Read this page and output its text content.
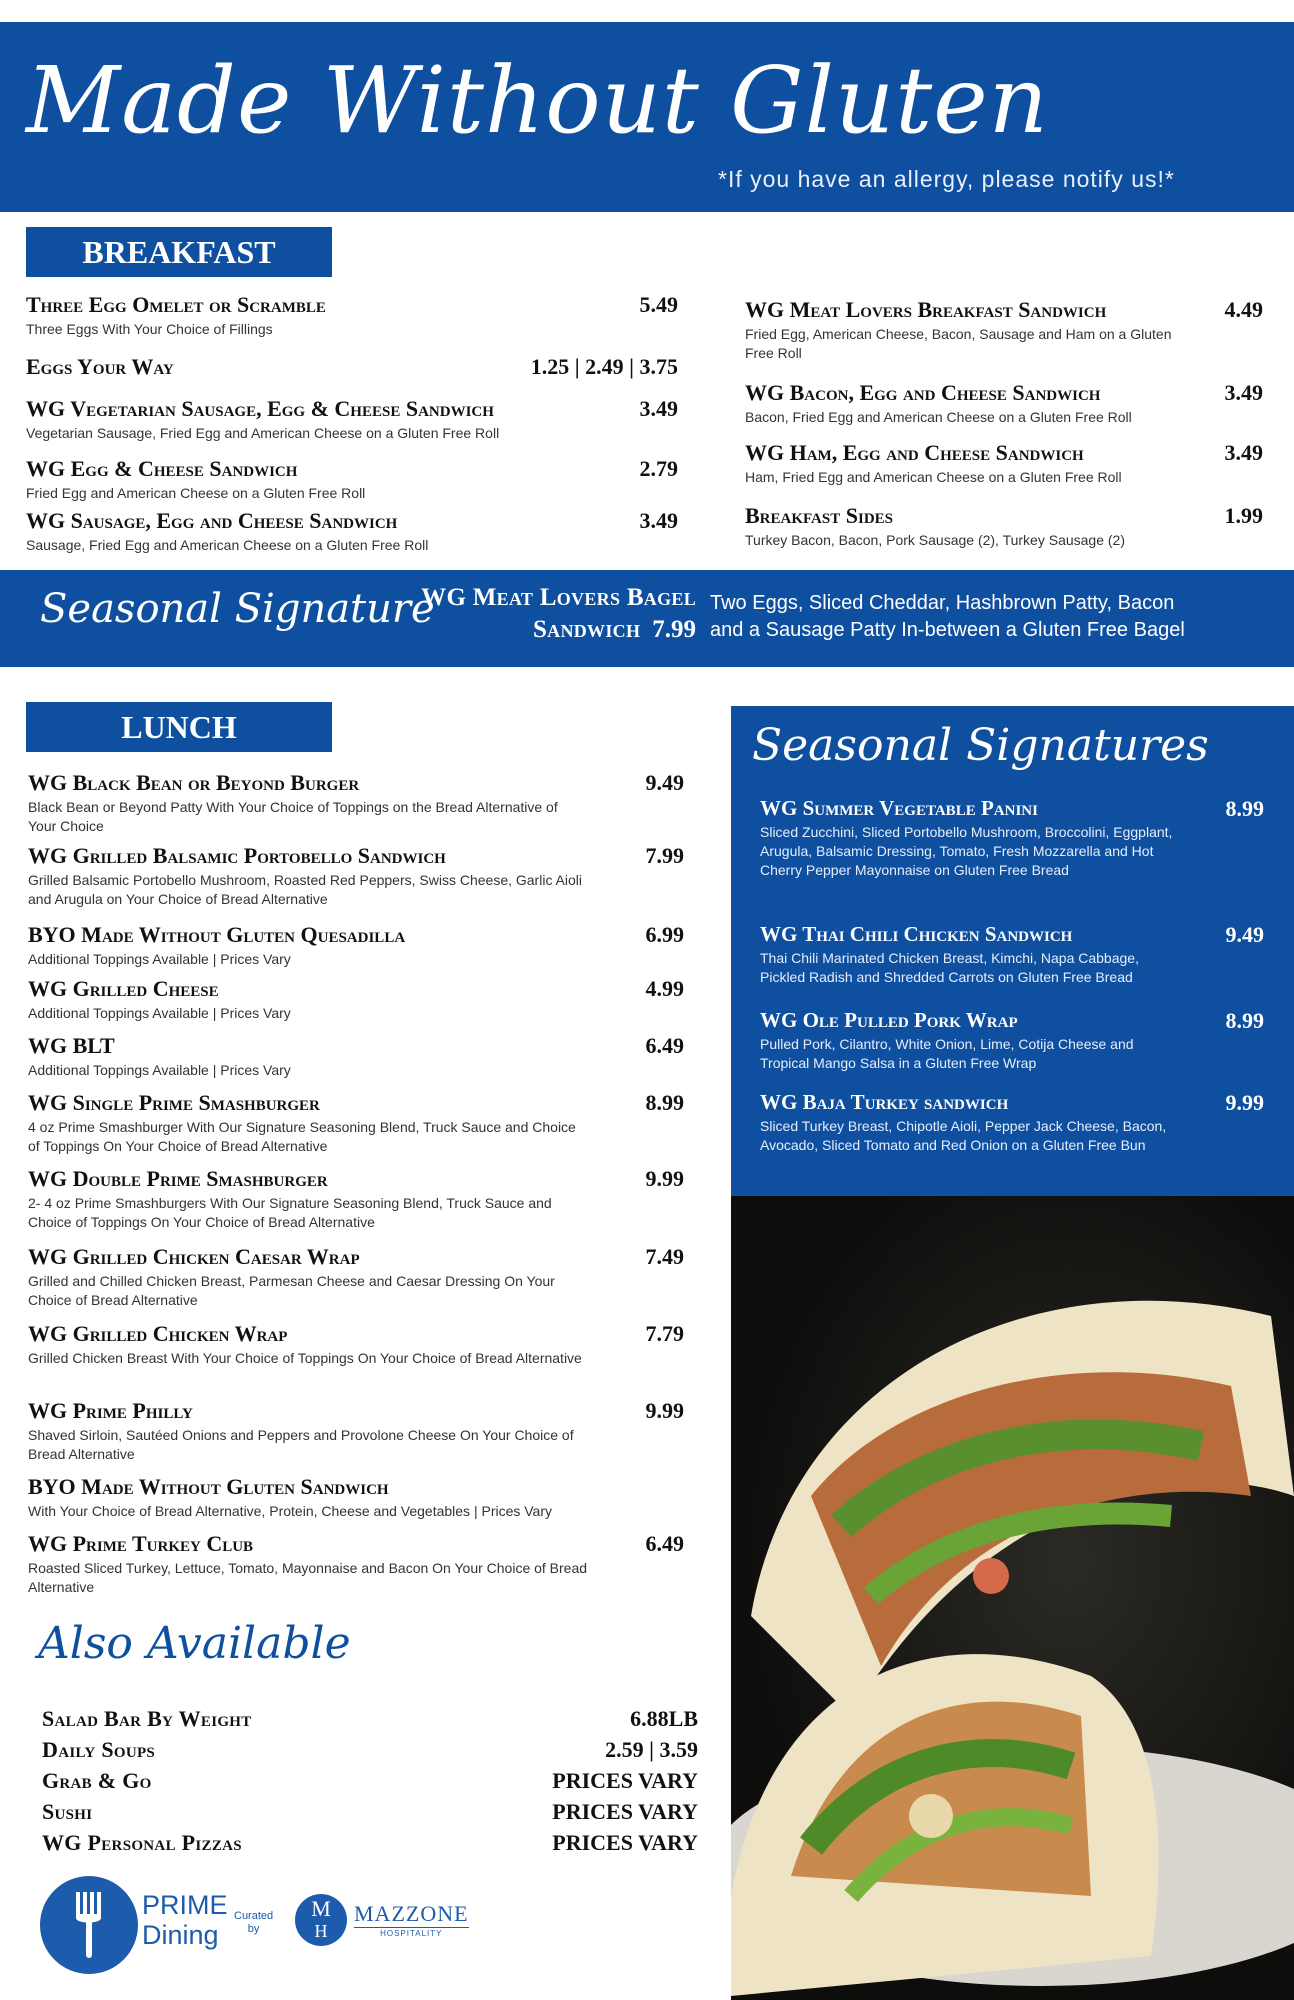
Made Without Gluten
*If you have an allergy, please notify us!*
BREAKFAST
Three Egg Omelet or Scramble
Three Eggs With Your Choice of Fillings
5.49
Eggs Your Way	1.25 | 2.49 | 3.75
WG Vegetarian Sausage, Egg & Cheese Sandwich
Vegetarian Sausage, Fried Egg and American Cheese on a Gluten Free Roll
3.49
WG Egg & Cheese Sandwich
Fried Egg and American Cheese on a Gluten Free Roll
2.79
WG Sausage, Egg and Cheese Sandwich
Sausage, Fried Egg and American Cheese on a Gluten Free Roll
3.49
WG Meat Lovers Breakfast Sandwich
Fried Egg, American Cheese, Bacon, Sausage and Ham on a Gluten Free Roll
4.49
WG Bacon, Egg and Cheese Sandwich
Bacon, Fried Egg and American Cheese on a Gluten Free Roll
3.49
WG Ham, Egg and Cheese Sandwich
Ham, Fried Egg and American Cheese on a Gluten Free Roll
3.49
Breakfast Sides
Turkey Bacon, Bacon, Pork Sausage (2), Turkey Sausage (2)
1.99
Seasonal Signature
WG Meat Lovers Bagel
Sandwich 7.99
Two Eggs, Sliced Cheddar, Hashbrown Patty, Bacon
and a Sausage Patty In-between a Gluten Free Bagel
LUNCH
WG Black Bean or Beyond Burger
Black Bean or Beyond Patty With Your Choice of Toppings on the Bread Alternative of Your Choice
9.49
WG Grilled Balsamic Portobello Sandwich
Grilled Balsamic Portobello Mushroom, Roasted Red Peppers, Swiss Cheese, Garlic Aioli and Arugula on Your Choice of Bread Alternative
7.99
BYO Made Without Gluten Quesadilla
Additional Toppings Available | Prices Vary
6.99
WG Grilled Cheese
Additional Toppings Available | Prices Vary
4.99
WG BLT
Additional Toppings Available | Prices Vary
6.49
WG Single Prime Smashburger
4 oz Prime Smashburger With Our Signature Seasoning Blend, Truck Sauce and Choice of Toppings On Your Choice of Bread Alternative
8.99
WG Double Prime Smashburger
2- 4 oz Prime Smashburgers With Our Signature Seasoning Blend, Truck Sauce and Choice of Toppings On Your Choice of Bread Alternative
9.99
WG Grilled Chicken Caesar Wrap
Grilled and Chilled Chicken Breast, Parmesan Cheese and Caesar Dressing On Your Choice of Bread Alternative
7.49
WG Grilled Chicken Wrap
Grilled Chicken Breast With Your Choice of Toppings On Your Choice of Bread Alternative
7.79
WG Prime Philly
Shaved Sirloin, Sautéed Onions and Peppers and Provolone Cheese On Your Choice of Bread Alternative
9.99
BYO Made Without Gluten Sandwich
With Your Choice of Bread Alternative, Protein, Cheese and Vegetables | Prices Vary
WG Prime Turkey Club
Roasted Sliced Turkey, Lettuce, Tomato, Mayonnaise and Bacon On Your Choice of Bread Alternative
6.49
Seasonal Signatures
WG Summer Vegetable Panini
Sliced Zucchini, Sliced Portobello Mushroom, Broccolini, Eggplant, Arugula, Balsamic Dressing, Tomato, Fresh Mozzarella and Hot Cherry Pepper Mayonnaise on Gluten Free Bread
8.99
WG Thai Chili Chicken Sandwich
Thai Chili Marinated Chicken Breast, Kimchi, Napa Cabbage, Pickled Radish and Shredded Carrots on Gluten Free Bread
9.49
WG Ole Pulled Pork Wrap
Pulled Pork, Cilantro, White Onion, Lime, Cotija Cheese and Tropical Mango Salsa in a Gluten Free Wrap
8.99
WG Baja Turkey sandwich
Sliced Turkey Breast, Chipotle Aioli, Pepper Jack Cheese, Bacon, Avocado, Sliced Tomato and Red Onion on a Gluten Free Bun
9.99
Also Available
Salad Bar By Weight	6.88LB
Daily Soups	2.59 | 3.59
Grab & Go	PRICES VARY
Sushi	PRICES VARY
WG Personal Pizzas	PRICES VARY
PRIME
Dining
Curated
by
M
H
MAZZONE
HOSPITALITY
